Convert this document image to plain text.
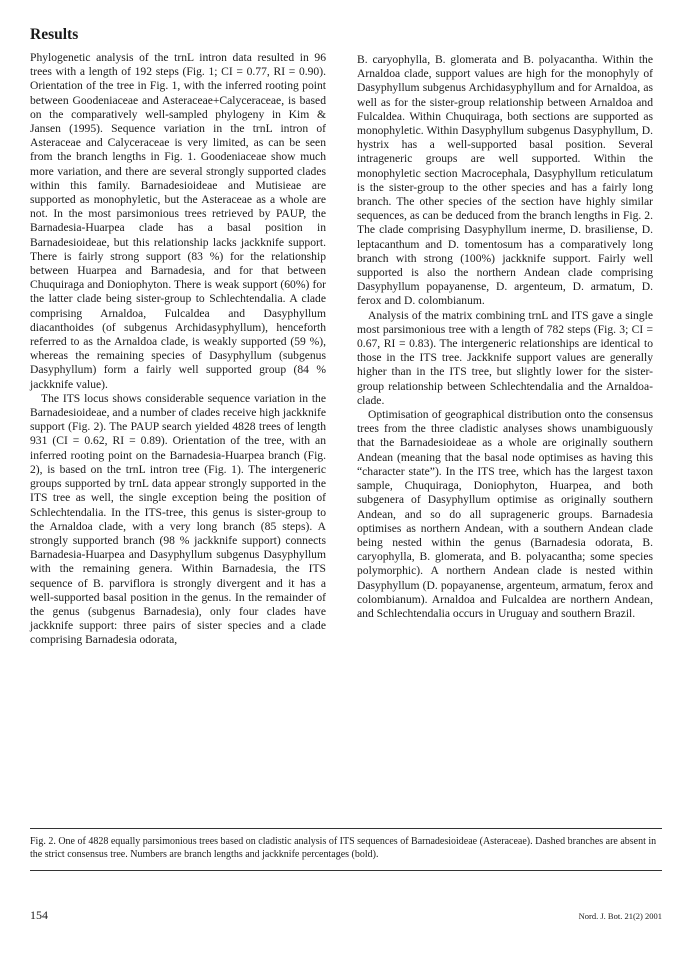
Results

Phylogenetic analysis of the trnL intron data resulted in 96 trees with a length of 192 steps (Fig. 1; CI = 0.77, RI = 0.90). Orientation of the tree in Fig. 1, with the inferred rooting point between Goodeniaceae and Asteraceae+Calyceraceae, is based on the comparatively well-sampled phylogeny in Kim & Jansen (1995). Sequence variation in the trnL intron of Asteraceae and Calyceraceae is very limited, as can be seen from the branch lengths in Fig. 1. Goodeniaceae show much more variation, and there are several strongly supported clades within this family. Barnadesioideae and Mutisieae are supported as monophyletic, but the Asteraceae as a whole are not. In the most parsimonious trees retrieved by PAUP, the Barnadesia-Huarpea clade has a basal position in Barnadesioideae, but this relationship lacks jackknife support. There is fairly strong support (83 %) for the relationship between Huarpea and Barnadesia, and for that between Chuquiraga and Doniophyton. There is weak support (60%) for the latter clade being sister-group to Schlechtendalia. A clade comprising Arnaldoa, Fulcaldea and Dasyphyllum diacanthoides (of subgenus Archidasyphyllum), henceforth referred to as the Arnaldoa clade, is weakly supported (59 %), whereas the remaining species of Dasyphyllum (subgenus Dasyphyllum) form a fairly well supported group (84 % jackknife value).

The ITS locus shows considerable sequence variation in the Barnadesioideae, and a number of clades receive high jackknife support (Fig. 2). The PAUP search yielded 4828 trees of length 931 (CI = 0.62, RI = 0.89). Orientation of the tree, with an inferred rooting point on the Barnadesia-Huarpea branch (Fig. 2), is based on the trnL intron tree (Fig. 1). The intergeneric groups supported by trnL data appear strongly supported in the ITS tree as well, the single exception being the position of Schlechtendalia. In the ITS-tree, this genus is sister-group to the Arnaldoa clade, with a very long branch (85 steps). A strongly supported branch (98 % jackknife support) connects Barnadesia-Huarpea and Dasyphyllum subgenus Dasyphyllum with the remaining genera. Within Barnadesia, the ITS sequence of B. parviflora is strongly divergent and it has a well-supported basal position in the genus. In the remainder of the genus (subgenus Barnadesia), only four clades have jackknife support: three pairs of sister species and a clade comprising Barnadesia odorata,

B. caryophylla, B. glomerata and B. polyacantha. Within the Arnaldoa clade, support values are high for the monophyly of Dasyphyllum subgenus Archidasyphyllum and for Arnaldoa, as well as for the sister-group relationship between Arnaldoa and Fulcaldea. Within Chuquiraga, both sections are supported as monophyletic. Within Dasyphyllum subgenus Dasyphyllum, D. hystrix has a well-supported basal position. Several intrageneric groups are well supported. Within the monophyletic section Macrocephala, Dasyphyllum reticulatum is the sister-group to the other species and has a fairly long branch. The other species of the section have highly similar sequences, as can be deduced from the branch lengths in Fig. 2. The clade comprising Dasyphyllum inerme, D. brasiliense, D. leptacanthum and D. tomentosum has a comparatively long branch with strong (100%) jackknife support. Fairly well supported is also the northern Andean clade comprising Dasyphyllum popayanense, D. argenteum, D. armatum, D. ferox and D. colombianum.

Analysis of the matrix combining trnL and ITS gave a single most parsimonious tree with a length of 782 steps (Fig. 3; CI = 0.67, RI = 0.83). The intergeneric relationships are identical to those in the ITS tree. Jackknife support values are generally higher than in the ITS tree, but slightly lower for the sister-group relationship between Schlechtendalia and the Arnaldoa-clade.

Optimisation of geographical distribution onto the consensus trees from the three cladistic analyses shows unambiguously that the Barnadesioideae as a whole are originally southern Andean (meaning that the basal node optimises as having this “character state”). In the ITS tree, which has the largest taxon sample, Chuquiraga, Doniophyton, Huarpea, and both subgenera of Dasyphyllum optimise as originally southern Andean, and so do all suprageneric groups. Barnadesia optimises as northern Andean, with a southern Andean clade being nested within the genus (Barnadesia odorata, B. caryophylla, B. glomerata, and B. polyacantha; some species polymorphic). A northern Andean clade is nested within Dasyphyllum (D. popayanense, argenteum, armatum, ferox and colombianum). Arnaldoa and Fulcaldea are northern Andean, and Schlechtendalia occurs in Uruguay and southern Brazil.

Fig. 2. One of 4828 equally parsimonious trees based on cladistic analysis of ITS sequences of Barnadesioideae (Asteraceae). Dashed branches are absent in the strict consensus tree. Numbers are branch lengths and jackknife percentages (bold).
154	Nord. J. Bot. 21(2) 2001
